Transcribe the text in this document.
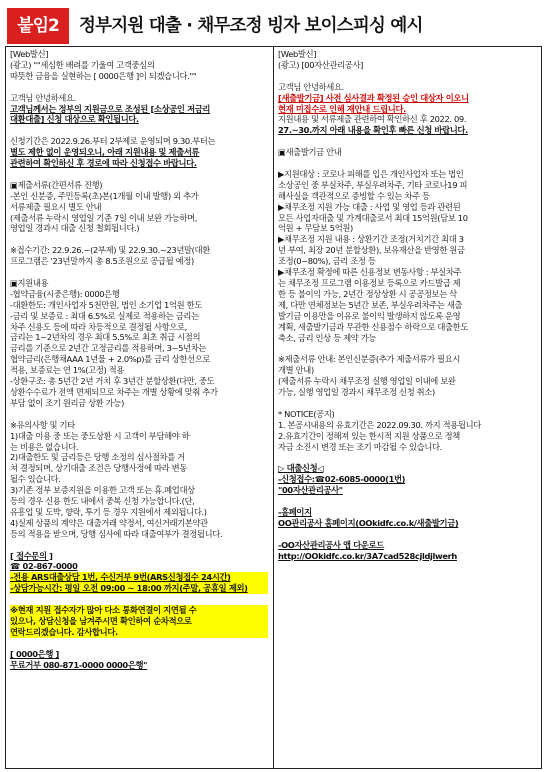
붙임2	정부지원 대출 · 채무조정 빙자 보이스피싱 예시
[Web발신]
(광고) ""세심한 배려를 기울여 고객중심의
따뜻한 금융을 실현하는 [ 0000은행 ]이 되겠습니다.""
고객님 안녕하세요.
고객님께서는 정부의 지원금으로 조성된 [소상공인 저금리
대환대출] 신청 대상으로 확인됩니다.
신청기간은 2022.9.26.부터 2부제로 운영되며 9.30.부터는
별도 제한 없이 운영되오니, 아래 지원내용 및 제출서류
관련하여 확인하신 후 경로에 따라 신청접수 바랍니다.
▣제출서류(간편서류 진행)
-본인 신분증, 주민등록(초)본(1개월 이내 발행) 외 추가
서류제출 필요시 별도 안내
(제출서류 누락시 영업일 기준 7일 이내 보완 가능하며,
영업일 경과시 대출 신청 철회됩니다.)
※접수기간: 22.9.26.~(2부제) 및 22.9.30.~23년말(대환
프로그램은 '23년말까지 총 8.5조원으로 공급될 예정)
▣지원내용
-협약금융(시중은행): 0000은행
-대환한도: 개인사업자 5천만원, 법인 소기업 1억원 한도
-금리 및 보증료 : 최대 6.5%로 실제로 적용하는 금리는
차주 신용도 등에 따라 차등적으로 결정될 사항으로,
금리는 1~2년차의 경우 최대 5.5%로 최초 취급 시점의
금리를 기준으로 2년간 고정금리를 적용하며, 3~5년차는
협약금리(은행채AAA 1년물 + 2.0%p)를 금리 상한선으로
적용, 보증료는 연 1%(고정) 적용
-상환구조: 총 5년간 2년 거치 후 3년간 분할상환(다만, 중도
상환수수료가 전액 면제되므로 차주는 개별 상황에 맞춰 추가
부담 없이 조기 원리금 상환 가능)
※유의사항 및 기타
1)대출 이용 중 또는 중도상환 시 고객이 부담해야 하
는 비용은 없습니다.
2)대출한도 및 금리등은 당행 소정의 심사절차를 거
쳐 결정되며, 상기대출 조건은 당행사정에 따라 변동
될수 있습니다.
3)기존 정부 보증지원을 이용한 고객 또는 휴.폐업대상
등의 경우 신용 한도 내에서 중복 신청 가능합니다.(단,
유흥업 및 도박, 향락, 투기 등 경우 지원에서 제외됩니다.)
4)실제 상품의 계약은 대출거래 약정서, 여신거래기본약관
등의 적용을 받으며, 당행 심사에 따라 대출여부가 결정됩니다.
[ 접수문의 ]
☎ 02-867-0000
-전용 ARS대출상담 1번, 수신거부 9번(ARS신청접수 24시간)
-상담가능시간: 평일 오전 09:00 ~ 18:00 까지(주말, 공휴일 제외)
※현재 지원 접수자가 많아 다소 통화연결이 지연될 수
있으나, 상담신청을 남겨주시면 확인하여 순차적으로
연락드리겠습니다. 감사합니다.
[ 0000은행 ]
무료거부 080-871-0000 0000은행"
[Web발신]
(광고) [00자산관리공사]
고객님 안녕하세요.
[새출발기금] 사전 심사결과 확정된 승인 대상자 이오니
현재 미접수로 인해 재안내 드립니다.
지원내용 및 서류제출 관련하여 확인하신 후 2022. 09.
27.~30.까지 아래 내용을 확인후 빠른 신청 바랍니다.
▣새출발기금 안내
▶지원대상 : 코로나 피해를 입은 개인사업자 또는 법인
소상공인 중 부실차주, 부실우려차주, 기타 코로나19 피
해사실을 객관적으로 증빙할 수 있는 차주 등
▶채무조정 지원 가능 대출 : 사업 및 영업 등과 관련된
모든 사업자대출 및 가계대출로서 최대 15억원(담보 10
억원 + 무담보 5억원)
▶채무조정 지원 내용 : 상환기간 조정(거치기간 최대 3
년 부여, 최장 20년 분할상환), 보유재산을 반영한 원금
조정(0~80%), 금리 조정 등
▶채무조정 확정에 따른 신용정보 변동사항 : 부실차주
는 채무조정 프로그램 이용정보 등록으로 카드발급 제
한 등 불이익 가능, 2년간 정상상환 시 공공정보는 삭
제, 다만 연체정보는 5년간 보존, 부실우려차주는 새출
발기금 이용만을 이유로 불이익 발생하지 않도록 운영
계획, 새출발기금과 무관한 신용점수 하락으로 대출한도
축소, 금리 인상 등 제약 가능
※제출서류 안내: 본인신분증(추가 제출서류가 필요시
개별 안내)
(제출서류 누락시 채무조정 실행 영업일 이내에 보완
가능, 실행 영업일 경과시 채무조정 신청 취소)
* NOTICE(공지)
1. 본공시내용의 유효기간은 2022.09.30. 까지 적용됩니다
2.유효기간이 정해져 있는 한시적 지원 상품으로 정책
자금 소진시 변경 또는 조기 마감될 수 있습니다.
▷ 대출신청◁
-신청접수:☎02-6085-0000(1번)
"00자산관리공사"
-홈페이지
OO관리공사 홈페이지(OOkidfc.co.k/새출발기금)
-OO자산관리공사 앱 다운로드
http://OOkidfc.co.kr/3A7cad528cjldjlwerh
